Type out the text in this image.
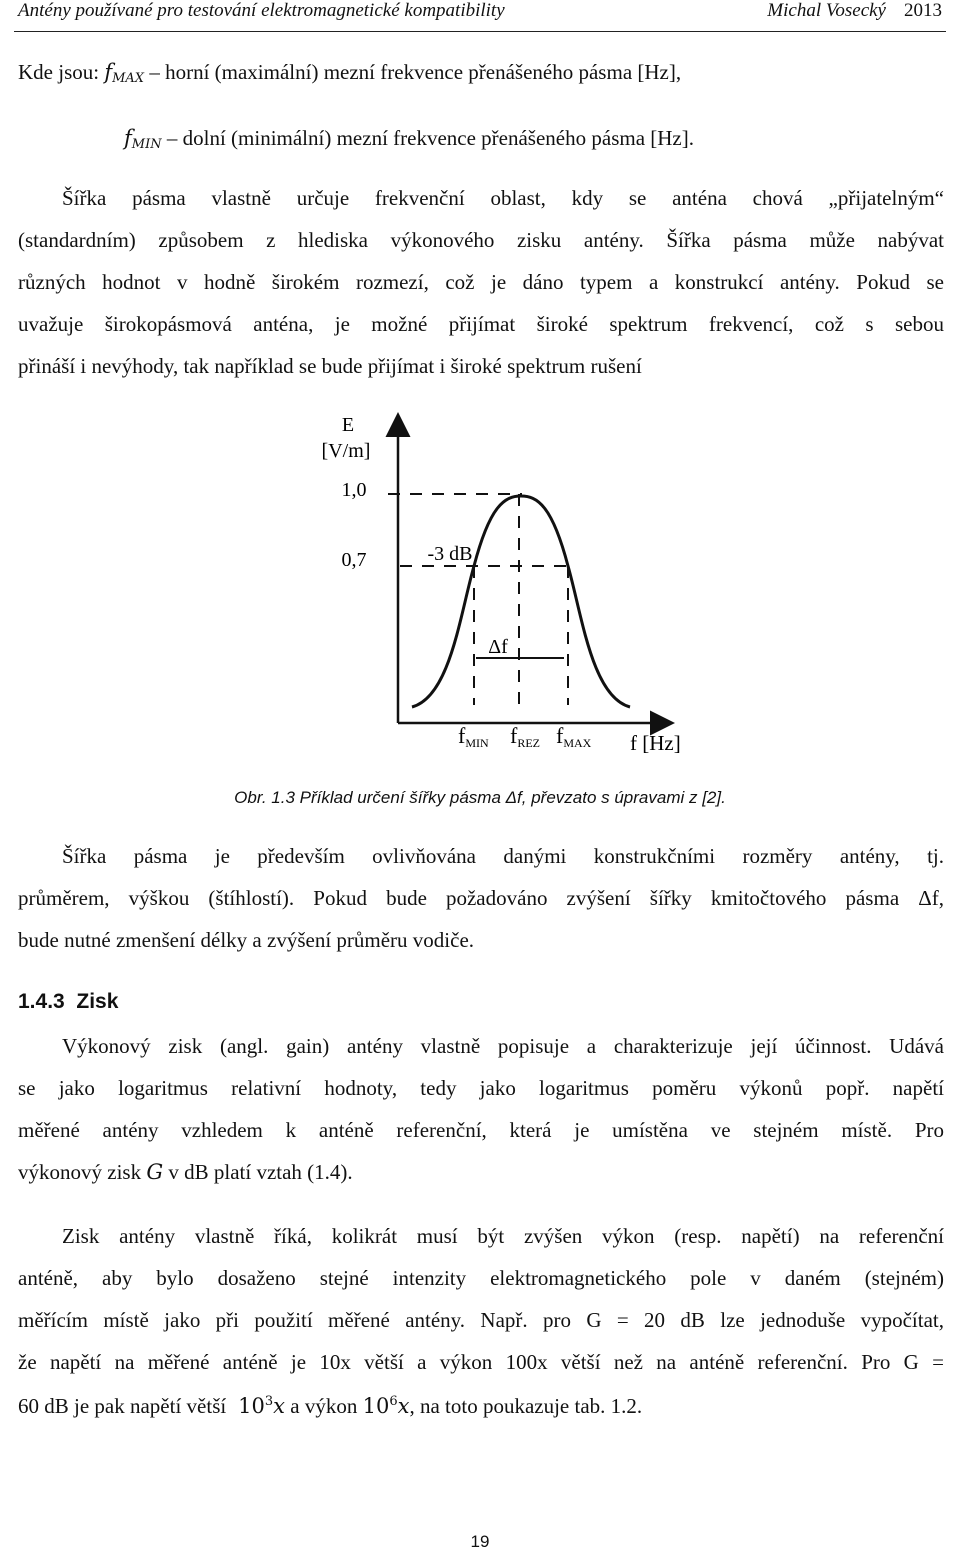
Antény používané pro testování elektromagnetické kompatibility	Michal Vosecký 2013
Kde jsou: $f_{MAX}$ – horní (maximální) mezní frekvence přenášeného pásma [Hz],
$f_{MIN}$ – dolní (minimální) mezní frekvence přenášeného pásma [Hz].
Šířka pásma vlastně určuje frekvenční oblast, kdy se anténa chová „přijatelným“
(standardním) způsobem z hlediska výkonového zisku antény. Šířka pásma může nabývat
různých hodnot v hodně širokém rozmezí, což je dáno typem a konstrukcí antény. Pokud se
uvažuje širokopásmová anténa, je možné přijímat široké spektrum frekvencí, což s sebou
přináší i nevýhody, tak například se bude přijímat i široké spektrum rušení
E
[V/m]
1,0
0,7	-3 dB
Δf
fMIN fREZ fMAX f [Hz]
Obr. 1.3 Příklad určení šířky pásma Δf, převzato s úpravami z [2].
Šířka pásma je především ovlivňována danými konstrukčními rozměry antény, tj.
průměrem, výškou (štíhlostí). Pokud bude požadováno zvýšení šířky kmitočtového pásma Δf,
bude nutné zmenšení délky a zvýšení průměru vodiče.
1.4.3 Zisk
Výkonový zisk (angl. gain) antény vlastně popisuje a charakterizuje její účinnost. Udává
se jako logaritmus relativní hodnoty, tedy jako logaritmus poměru výkonů popř. napětí
měřené antény vzhledem k anténě referenční, která je umístěna ve stejném místě. Pro
výkonový zisk G v dB platí vztah (1.4).
Zisk antény vlastně říká, kolikrát musí být zvýšen výkon (resp. napětí) na referenční
anténě, aby bylo dosaženo stejné intenzity elektromagnetického pole v daném (stejném)
měřícím místě jako při použití měřené antény. Např. pro G = 20 dB lze jednoduše vypočítat,
že napětí na měřené anténě je 10x větší a výkon 100x větší než na anténě referenční. Pro G =
60 dB je pak napětí větší $10^3x$ a výkon $10^6x$, na toto poukazuje tab. 1.2.
19
